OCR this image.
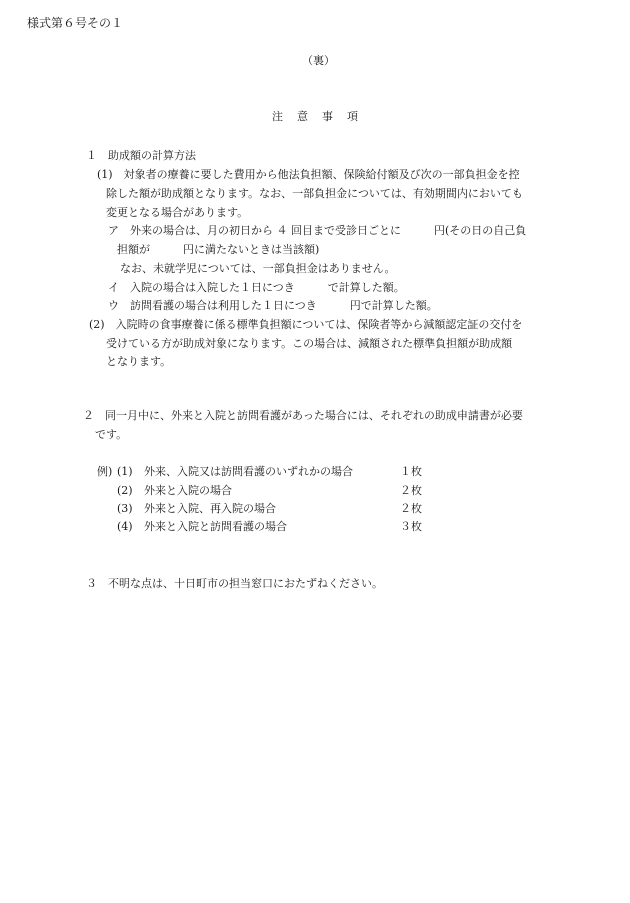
様式第６号その１

（裏）

注意事項

１　助成額の計算方法

(1)　対象者の療養に要した費用から他法負担額、保険給付額及び次の一部負担金を控

除した額が助成額となります。なお、一部負担金については、有効期間内においても

変更となる場合があります。

ア　外来の場合は、月の初日から ４ 回目まで受診日ごとに　　　円(その日の自己負

担額が　　　円に満たないときは当該額)

なお、未就学児については、一部負担金はありません。

イ　入院の場合は入院した１日につき　　　で計算した額。

ウ　訪問看護の場合は利用した１日につき　　　円で計算した額。

(2)　入院時の食事療養に係る標準負担額については、保険者等から減額認定証の交付を

受けている方が助成対象になります。この場合は、減額された標準負担額が助成額

となります。

２　同一月中に、外来と入院と訪問看護があった場合には、それぞれの助成申請書が必要

です。

例) (1) 外来、入院又は訪問看護のいずれかの場合	１枚

(2) 外来と入院の場合	２枚

(3) 外来と入院、再入院の場合	２枚

(4) 外来と入院と訪問看護の場合	３枚

３　不明な点は、十日町市の担当窓口におたずねください。
